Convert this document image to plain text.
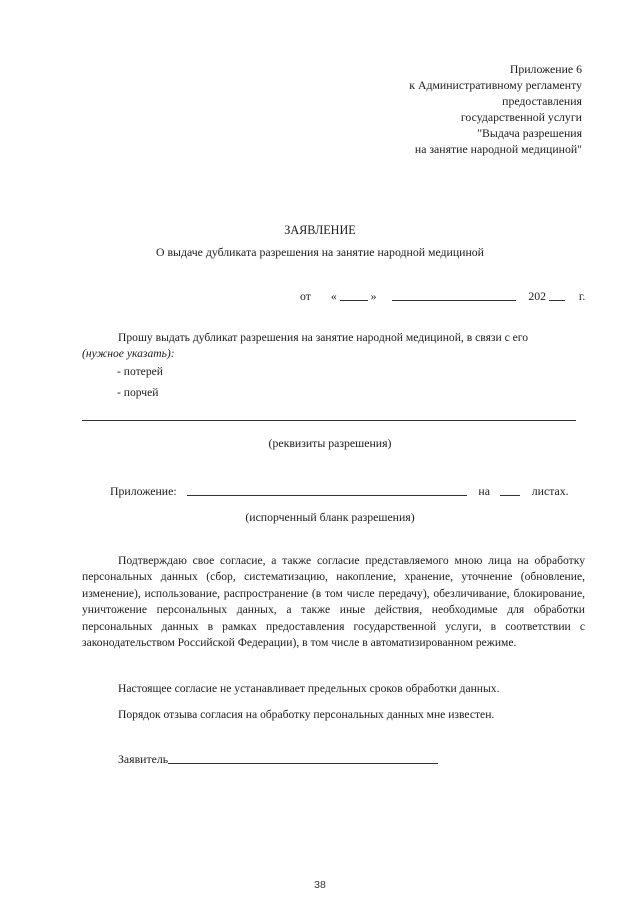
Приложение 6
к Административному регламенту
предоставления
государственной услуги
"Выдача разрешения
на занятие народной медициной"
ЗАЯВЛЕНИЕ
О выдаче дубликата разрешения на занятие народной медициной
от «	»	202	г.
Прошу выдать дубликат разрешения на занятие народной медициной, в связи с его
(нужное указать):
- потерей
- порчей
(реквизиты разрешения)
Приложение:	на	листах.
(испорченный бланк разрешения)
Подтверждаю свое согласие, а также согласие представляемого мною лица на обработку персональных данных (сбор, систематизацию, накопление, хранение, уточнение (обновление, изменение), использование, распространение (в том числе передачу), обезличивание, блокирование, уничтожение персональных данных, а также иные действия, необходимые для обработки персональных данных в рамках предоставления государственной услуги, в соответствии с законодательством Российской Федерации), в том числе в автоматизированном режиме.
Настоящее согласие не устанавливает предельных сроков обработки данных.
Порядок отзыва согласия на обработку персональных данных мне известен.
Заявитель
38
